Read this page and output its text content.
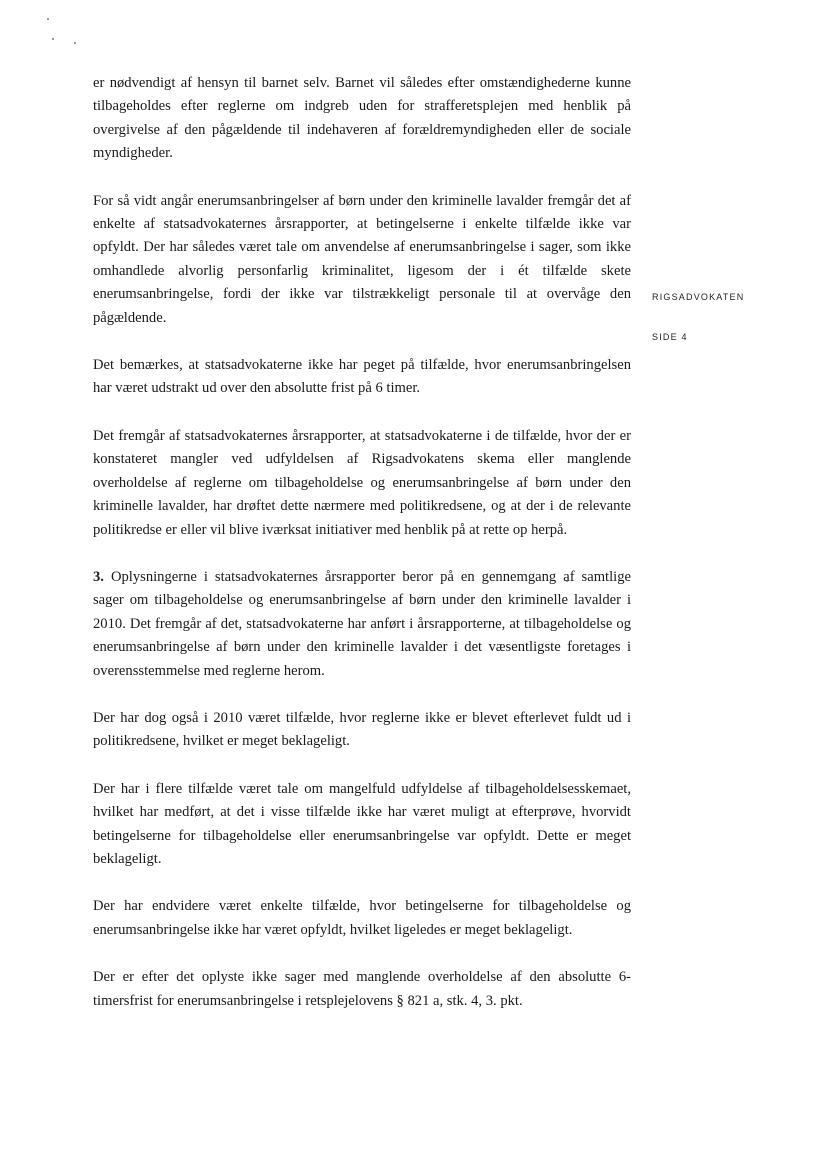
er nødvendigt af hensyn til barnet selv. Barnet vil således efter omstændighederne kunne tilbageholdes efter reglerne om indgreb uden for strafferetsplejen med henblik på overgivelse af den pågældende til indehaveren af forældremyndigheden eller de sociale myndigheder.

For så vidt angår enerumsanbringelser af børn under den kriminelle lavalder fremgår det af enkelte af statsadvokaternes årsrapporter, at betingelserne i enkelte tilfælde ikke var opfyldt. Der har således været tale om anvendelse af enerumsanbringelse i sager, som ikke omhandlede alvorlig personfarlig kriminalitet, ligesom der i ét tilfælde skete enerumsanbringelse, fordi der ikke var tilstrækkeligt personale til at overvåge den pågældende.

Det bemærkes, at statsadvokaterne ikke har peget på tilfælde, hvor enerumsanbringelsen har været udstrakt ud over den absolutte frist på 6 timer.

Det fremgår af statsadvokaternes årsrapporter, at statsadvokaterne i de tilfælde, hvor der er konstateret mangler ved udfyldelsen af Rigsadvokatens skema eller manglende overholdelse af reglerne om tilbageholdelse og enerumsanbringelse af børn under den kriminelle lavalder, har drøftet dette nærmere med politikredsene, og at der i de relevante politikredse er eller vil blive iværksat initiativer med henblik på at rette op herpå.

3. Oplysningerne i statsadvokaternes årsrapporter beror på en gennemgang af samtlige sager om tilbageholdelse og enerumsanbringelse af børn under den kriminelle lavalder i 2010. Det fremgår af det, statsadvokaterne har anført i årsrapporterne, at tilbageholdelse og enerumsanbringelse af børn under den kriminelle lavalder i det væsentligste foretages i overensstemmelse med reglerne herom.

Der har dog også i 2010 været tilfælde, hvor reglerne ikke er blevet efterlevet fuldt ud i politikredsene, hvilket er meget beklageligt.

Der har i flere tilfælde været tale om mangelfuld udfyldelse af tilbageholdelsesskemaet, hvilket har medført, at det i visse tilfælde ikke har været muligt at efterprøve, hvorvidt betingelserne for tilbageholdelse eller enerumsanbringelse var opfyldt. Dette er meget beklageligt.

Der har endvidere været enkelte tilfælde, hvor betingelserne for tilbageholdelse og enerumsanbringelse ikke har været opfyldt, hvilket ligeledes er meget beklageligt.

Der er efter det oplyste ikke sager med manglende overholdelse af den absolutte 6-timersfrist for enerumsanbringelse i retsplejelovens § 821 a, stk. 4, 3. pkt.

RIGSADVOKATEN
SIDE 4
